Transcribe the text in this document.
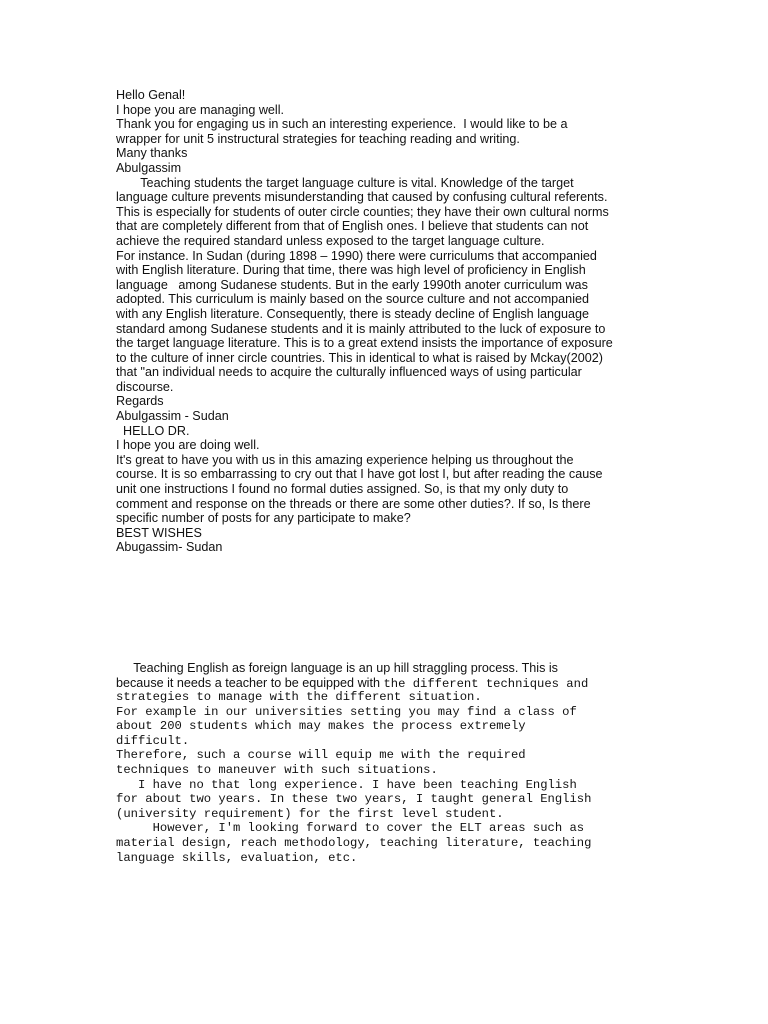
Hello Genal!
I hope you are managing well.
Thank you for engaging us in such an interesting experience.  I would like to be a
wrapper for unit 5 instructural strategies for teaching reading and writing.
Many thanks
Abulgassim
Teaching students the target language culture is vital. Knowledge of the target
language culture prevents misunderstanding that caused by confusing cultural referents.
This is especially for students of outer circle counties; they have their own cultural norms
that are completely different from that of English ones. I believe that students can not
achieve the required standard unless exposed to the target language culture.
For instance. In Sudan (during 1898 – 1990) there were curriculums that accompanied
with English literature. During that time, there was high level of proficiency in English
language   among Sudanese students. But in the early 1990th anoter curriculum was
adopted. This curriculum is mainly based on the source culture and not accompanied
with any English literature. Consequently, there is steady decline of English language
standard among Sudanese students and it is mainly attributed to the luck of exposure to
the target language literature. This is to a great extend insists the importance of exposure
to the culture of inner circle countries. This in identical to what is raised by Mckay(2002)
that "an individual needs to acquire the culturally influenced ways of using particular
discourse.
Regards
Abulgassim - Sudan
HELLO DR.
I hope you are doing well.
It's great to have you with us in this amazing experience helping us throughout the
course. It is so embarrassing to cry out that I have got lost I, but after reading the cause
unit one instructions I found no formal duties assigned. So, is that my only duty to
comment and response on the threads or there are some other duties?. If so, Is there
specific number of posts for any participate to make?
BEST WISHES
Abugassim- Sudan
Teaching English as foreign language is an up hill straggling process. This is
because it needs a teacher to be equipped with the different techniques and
strategies to manage with the different situation.
For example in our universities setting you may find a class of
about 200 students which may makes the process extremely
difficult.
Therefore, such a course will equip me with the required
techniques to maneuver with such situations.
I have no that long experience. I have been teaching English
for about two years. In these two years, I taught general English
(university requirement) for the first level student.
However, I'm looking forward to cover the ELT areas such as
material design, reach methodology, teaching literature, teaching
language skills, evaluation, etc.
